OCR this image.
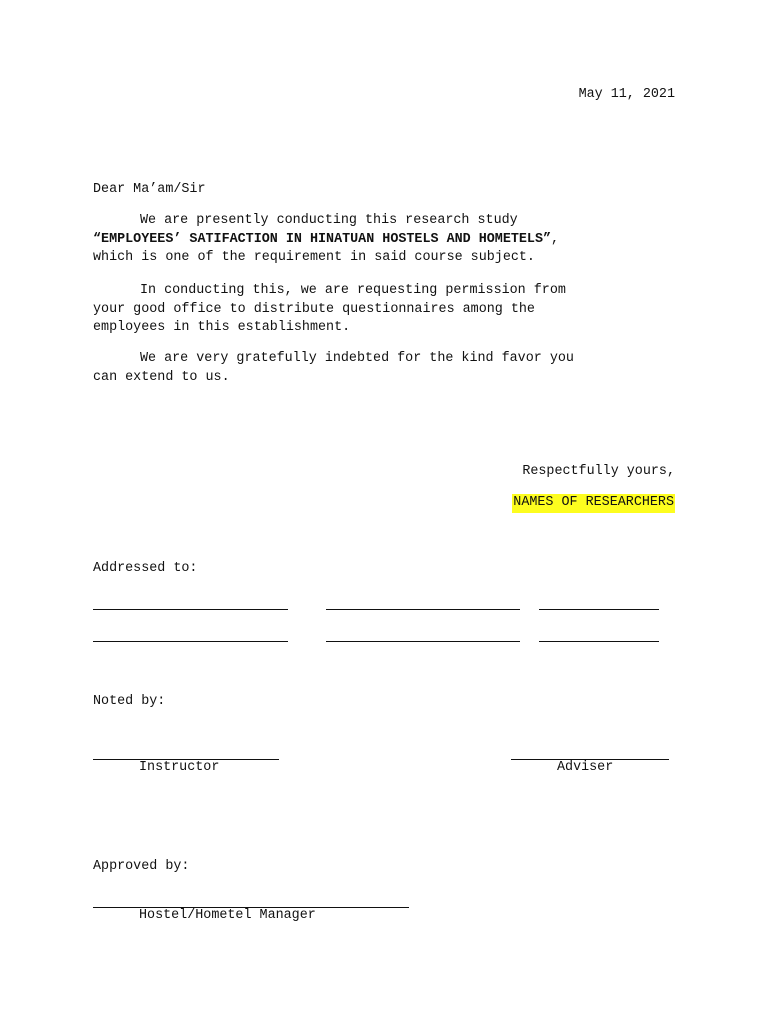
May 11, 2021
Dear Ma’am/Sir
We are presently conducting this research study
“EMPLOYEES’ SATIFACTION IN HINATUAN HOSTELS AND HOMETELS”,
which is one of the requirement in said course subject.
In conducting this, we are requesting permission from
your good office to distribute questionnaires among the
employees in this establishment.
We are very gratefully indebted for the kind favor you
can extend to us.
Respectfully yours,
NAMES OF RESEARCHERS
Addressed to:
Noted by:
Instructor	Adviser
Approved by:
Hostel/Hometel Manager
